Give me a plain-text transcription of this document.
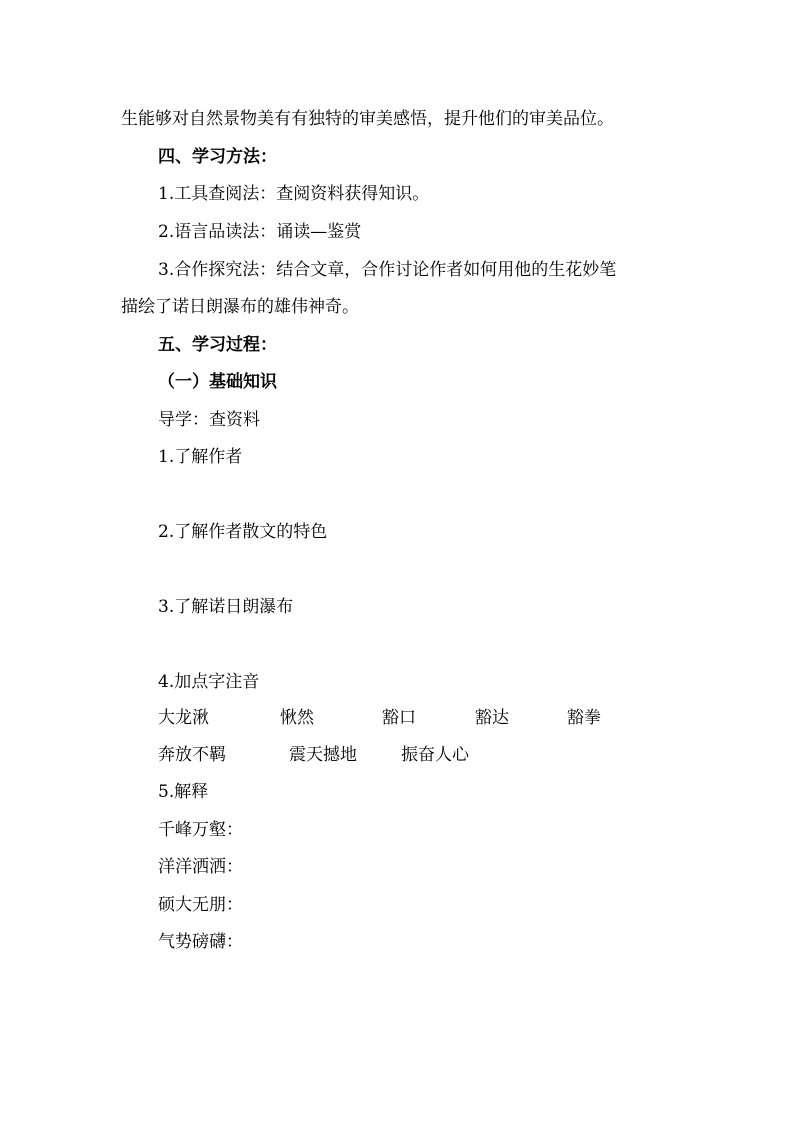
生能够对自然景物美有有独特的审美感悟，提升他们的审美品位。
四、学习方法：
1.工具查阅法：查阅资料获得知识。
2.语言品读法：诵读—鉴赏
3.合作探究法：结合文章，合作讨论作者如何用他的生花妙笔
描绘了诺日朗瀑布的雄伟神奇。
五、学习过程：
（一）基础知识
导学：查资料
1.了解作者
2.了解作者散文的特色
3.了解诺日朗瀑布
4.加点字注音
大龙湫	愀然	豁口	豁达	豁拳
奔放不羁	震天撼地	振奋人心
5.解释
千峰万壑：
洋洋洒洒：
硕大无朋：
气势磅礴：
